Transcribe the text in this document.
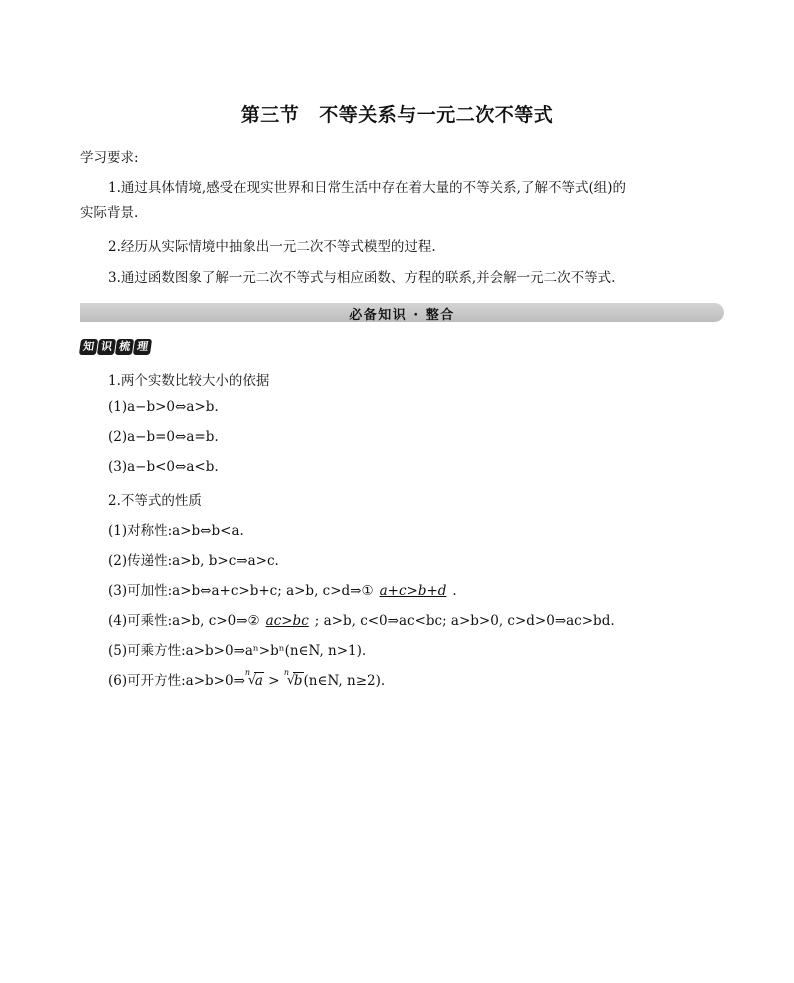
第三节 不等关系与一元二次不等式
学习要求:
1.通过具体情境,感受在现实世界和日常生活中存在着大量的不等关系,了解不等式(组)的
实际背景.
2.经历从实际情境中抽象出一元二次不等式模型的过程.
3.通过函数图象了解一元二次不等式与相应函数、方程的联系,并会解一元二次不等式.
必备知识 · 整合
知 识 梳 理
1.两个实数比较大小的依据
(1)a−b>0⇔a>b.
(2)a−b=0⇔a=b.
(3)a−b<0⇔a<b.
2.不等式的性质
(1)对称性:a>b⇔b<a.
(2)传递性:a>b, b>c⇒a>c.
(3)可加性:a>b⇔a+c>b+c; a>b, c>d⇒① a+c>b+d .
(4)可乘性:a>b, c>0⇒② ac>bc ; a>b, c<0⇒ac<bc; a>b>0, c>d>0⇒ac>bd.
(5)可乘方性:a>b>0⇒aⁿ>bⁿ(n∈N, n>1).
(6)可开方性:a>b>0⇒
n
√
a >
n
√
b(n∈N, n≥2).
